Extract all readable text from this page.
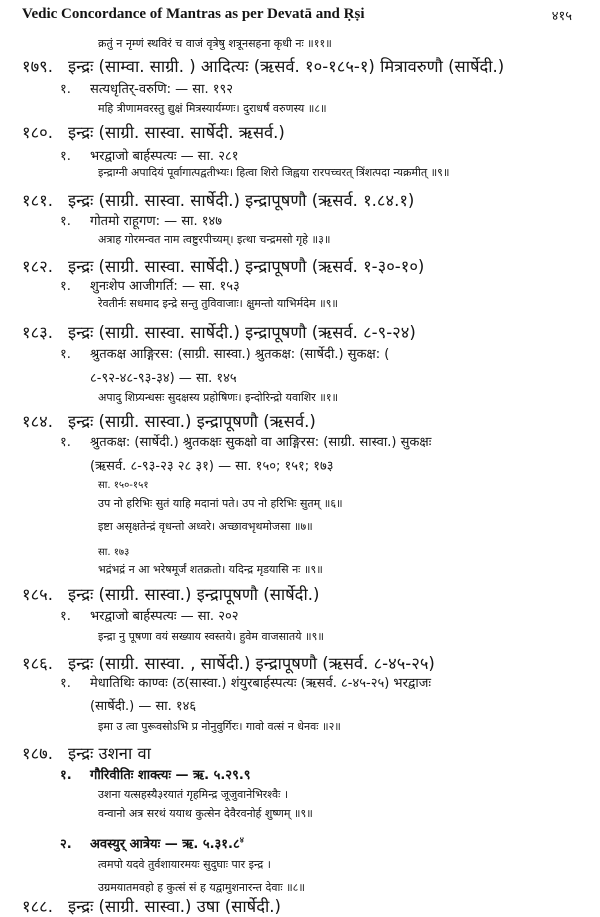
Vedic Concordance of Mantras as per Devatā and Ṛṣi	४१५
क्रतुं न नृम्णं स्थविरं च वाजं वृत्रेषु शत्रूनसहना कृधी नः ॥११॥
१७९. इन्द्रः (साम्वा. साग्री. ) आदित्यः (ऋसर्व. १०-१८५-१) मित्रावरुणौ (सार्षेदी.)
१. सत्यधृतिर्-वरुणि: — सा. १९२
महि त्रीणामवरस्तु द्युक्षं मित्रस्यार्यम्णः। दुराधर्षं वरुणस्य ॥८॥
१८०. इन्द्रः (साग्री. सास्वा. सार्षेदी. ऋसर्व.)
१. भरद्वाजो बार्हस्पत्यः — सा. २८१
इन्द्राग्नी अपादियं पूर्वागात्पद्वतीभ्यः। हित्वा शिरो जिह्वया रारपच्चरत् त्रिंशत्पदा न्यक्रमीत् ॥९॥
१८१. इन्द्रः (साग्री. सास्वा. सार्षेदी.) इन्द्रापूषणौ (ऋसर्व. १.८४.१)
१. गोतमो राहूगण: — सा. १४७
अत्राह गोरमन्वत नाम त्वष्टुरपीच्यम्। इत्था चन्द्रमसो गृहे ॥३॥
१८२. इन्द्रः (साग्री. सास्वा. सार्षेदी.) इन्द्रापूषणौ (ऋसर्व. १-३०-१०)
१. शुनःशेप आजीगर्ति: — सा. १५३
रेवतीर्नः सधमाद इन्द्रे सन्तु तुविवाजाः। क्षुमन्तो याभिर्मदेम ॥९॥
१८३. इन्द्रः (साग्री. सास्वा. सार्षेदी.) इन्द्रापूषणौ (ऋसर्व. ८-९-२४)
१. श्रुतकक्ष आङ्गिरस: (साग्री. सास्वा.) श्रुतकक्ष: (सार्षेदी.) सुकक्ष: (
८-९२-४८-९३-३४) — सा. १४५
अपादु शिप्र्यन्धसः सुदक्षस्य प्रहोषिणः। इन्दोरिन्द्रो यवाशिर ॥१॥
१८४. इन्द्रः (साग्री. सास्वा.) इन्द्रापूषणौ (ऋसर्व.)
१. श्रुतकक्ष: (सार्षेदी.) श्रुतकक्षः सुकक्षो वा आङ्गिरस: (साग्री. सास्वा.) सुकक्षः
(ऋसर्व. ८-९३-२३ २८ ३१) — सा. १५०; १५१; १७३
सा. १५०-१५१
उप नो हरिभिः सुतं याहि मदानां पते। उप नो हरिभिः सुतम् ॥६॥
इष्टा असृक्षतेन्द्रं वृधन्तो अध्वरे। अच्छावभृथमोजसा ॥७॥
सा. १७३
भद्रंभद्रं न आ भरेषमूर्जं शतक्रतो। यदिन्द्र मृडयासि नः ॥९॥
१८५. इन्द्रः (साग्री. सास्वा.) इन्द्रापूषणौ (सार्षेदी.)
१. भरद्वाजो बार्हस्पत्यः — सा. २०२
इन्द्रा नु पूषणा वयं सख्याय स्वस्तये। हुवेम वाजसातये ॥९॥
१८६. इन्द्रः (साग्री. सास्वा. , सार्षेदी.) इन्द्रापूषणौ (ऋसर्व. ८-४५-२५)
१. मेधातिथिः काण्वः (ठ(सास्वा.) शंयुरबार्हस्पत्यः (ऋसर्व. ८-४५-२५) भरद्वाजः
(सार्षेदी.) — सा. १४६
इमा उ त्वा पुरूवसोऽभि प्र नोनुवुर्गिरः। गावो वत्सं न धेनवः ॥२॥
१८७. इन्द्रः उशना वा
१. गौरिवीतिः शाक्त्यः — ऋ. ५.२९.९
उशना यत्सहस्यै३रयातं गृहमिन्द्र जूजुवानेभिरश्वैः ।
वन्वानो अत्र सरथं ययाथ कुत्सेन देवैरवनोर्ह शुष्णम् ॥९॥
२. अवस्युर् आत्रेयः — ऋ. ५.३१.८$^४$
त्वमपो यदवे तुर्वशायारमयः सुदुघाः पार इन्द्र ।
उग्रमयातमवहो ह कुत्सं सं ह यद्वामुशनारन्त देवाः ॥८॥
१८८. इन्द्रः (साग्री. सास्वा.) उषा (सार्षेदी.)
